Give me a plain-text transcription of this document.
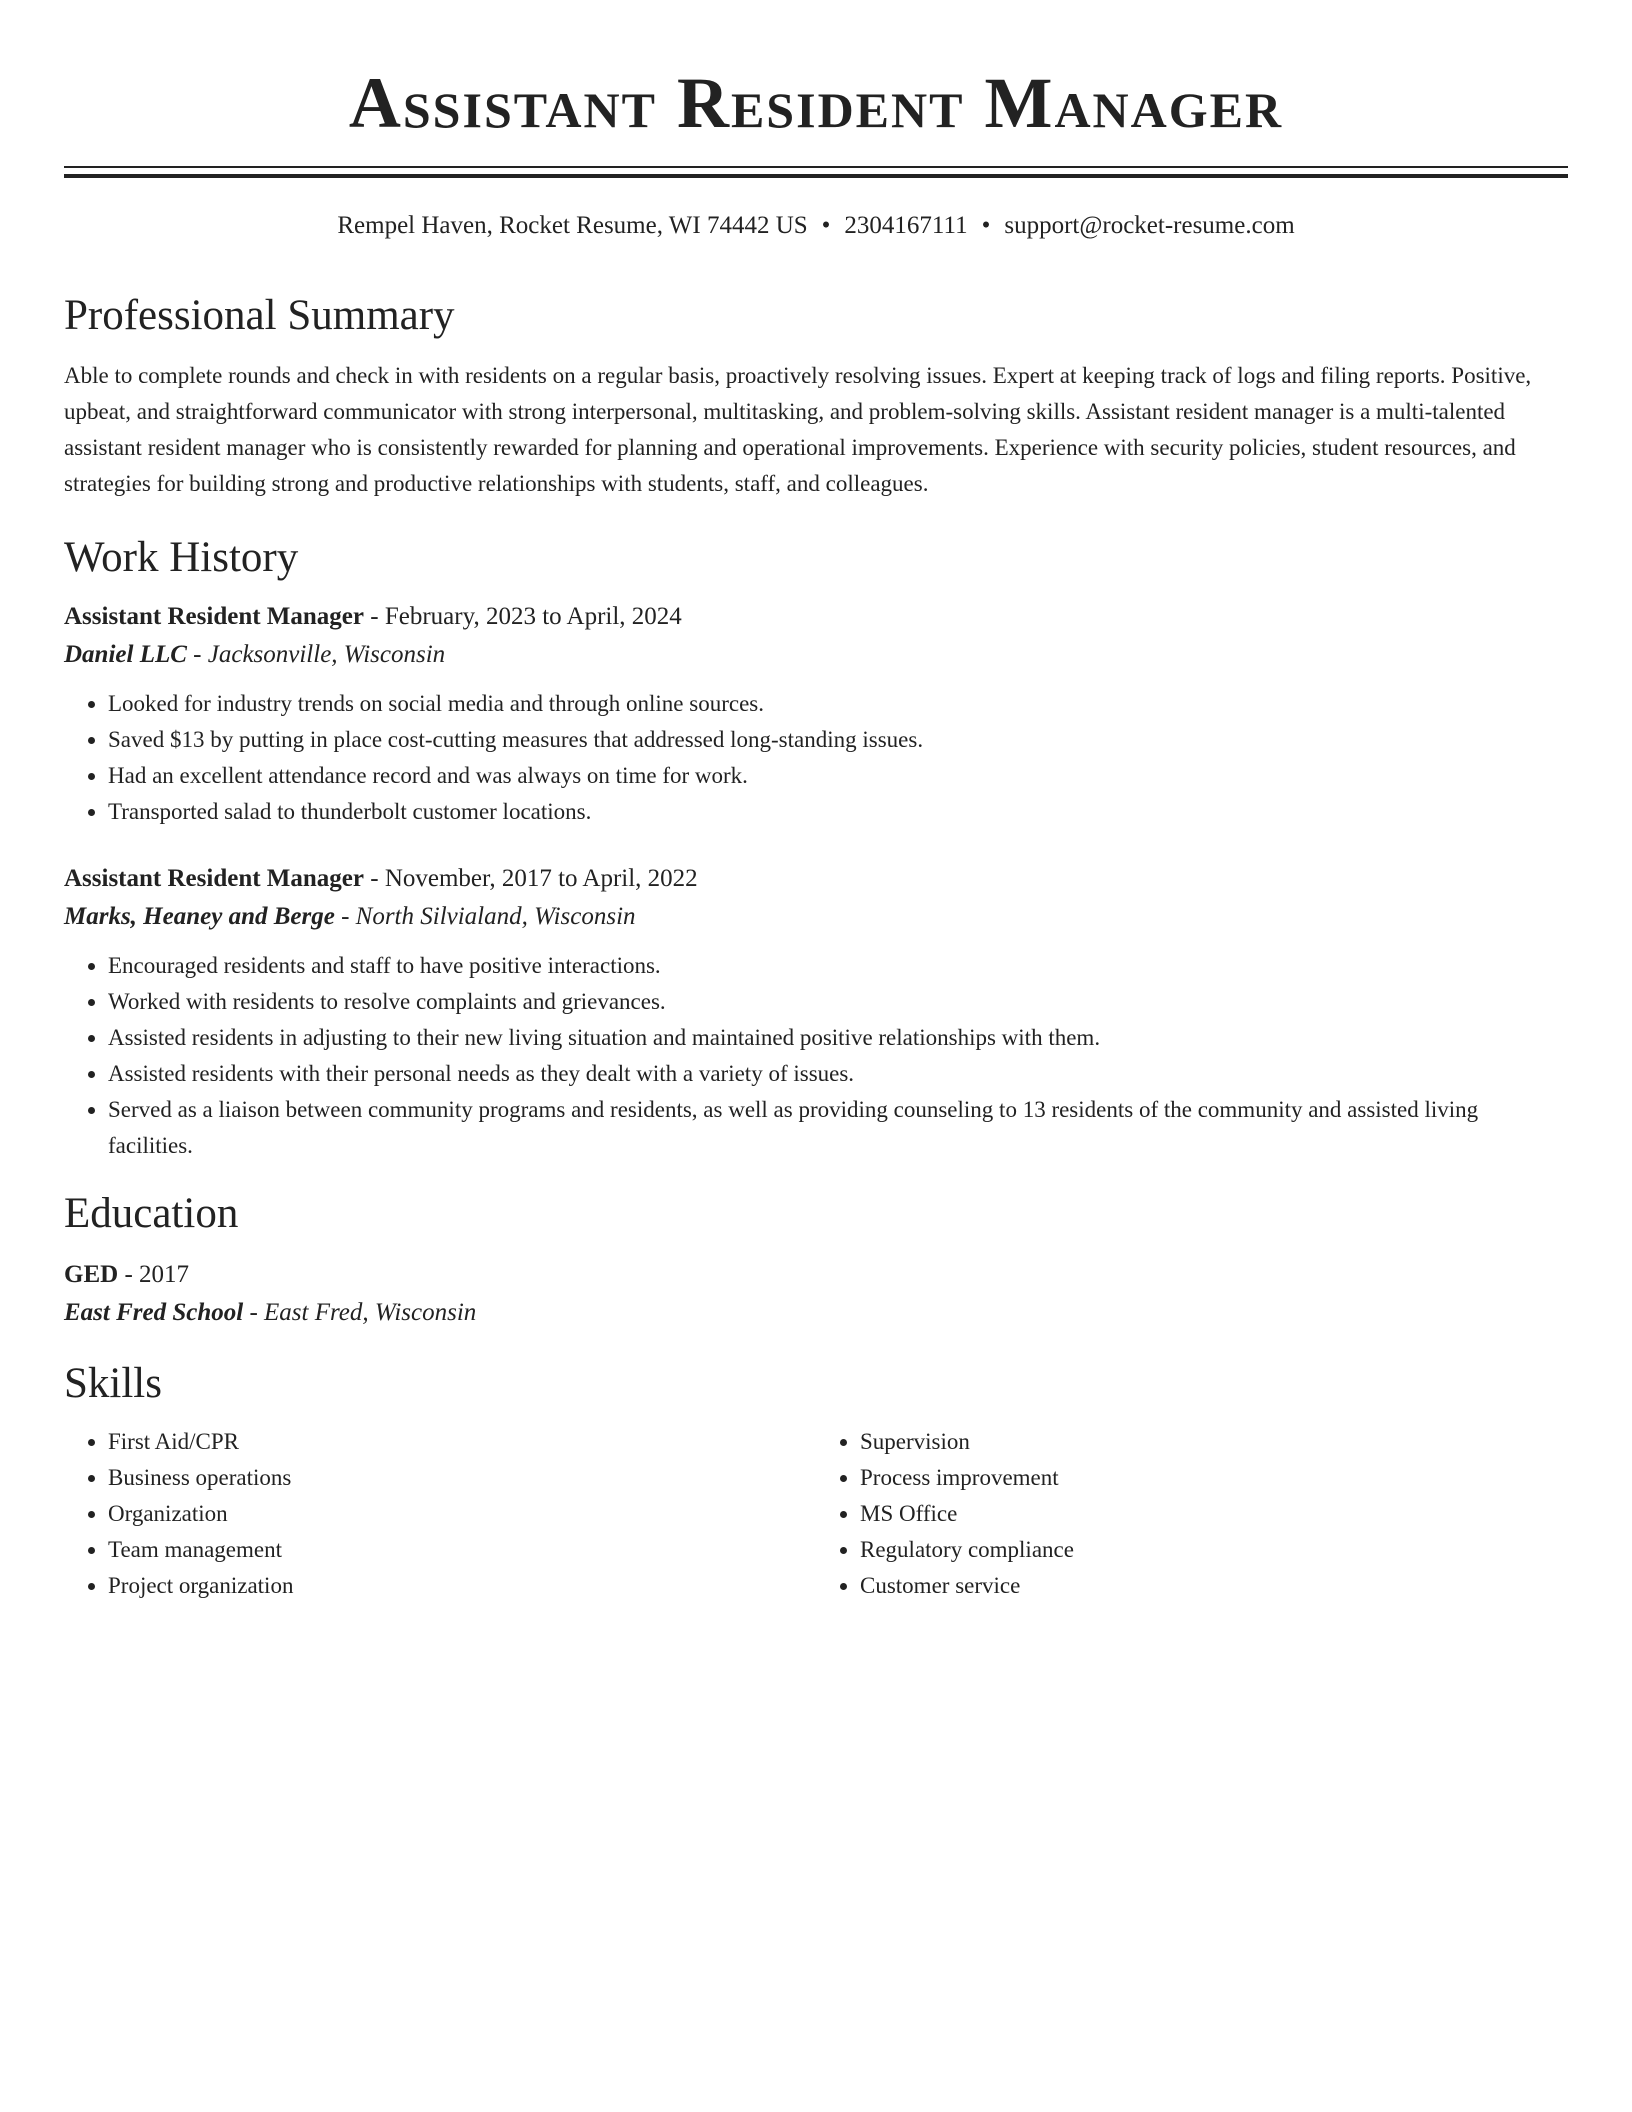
Assistant Resident Manager
Rempel Haven, Rocket Resume, WI 74442 US • 2304167111 • support@rocket-resume.com
Professional Summary

Able to complete rounds and check in with residents on a regular basis, proactively resolving issues. Expert at keeping track of logs and filing reports. Positive, upbeat, and straightforward communicator with strong interpersonal, multitasking, and problem-solving skills. Assistant resident manager is a multi-talented assistant resident manager who is consistently rewarded for planning and operational improvements. Experience with security policies, student resources, and strategies for building strong and productive relationships with students, staff, and colleagues.

Work History
Assistant Resident Manager - February, 2023 to April, 2024
Daniel LLC - Jacksonville, Wisconsin
• Looked for industry trends on social media and through online sources.
• Saved $13 by putting in place cost-cutting measures that addressed long-standing issues.
• Had an excellent attendance record and was always on time for work.
• Transported salad to thunderbolt customer locations.
Assistant Resident Manager - November, 2017 to April, 2022
Marks, Heaney and Berge - North Silvialand, Wisconsin
• Encouraged residents and staff to have positive interactions.
• Worked with residents to resolve complaints and grievances.
• Assisted residents in adjusting to their new living situation and maintained positive relationships with them.
• Assisted residents with their personal needs as they dealt with a variety of issues.
• Served as a liaison between community programs and residents, as well as providing counseling to 13 residents of the community and assisted living facilities.
Education
GED - 2017
East Fred School - East Fred, Wisconsin
Skills
• First Aid/CPR
• Business operations
• Organization
• Team management
• Project organization
• Supervision
• Process improvement
• MS Office
• Regulatory compliance
• Customer service
